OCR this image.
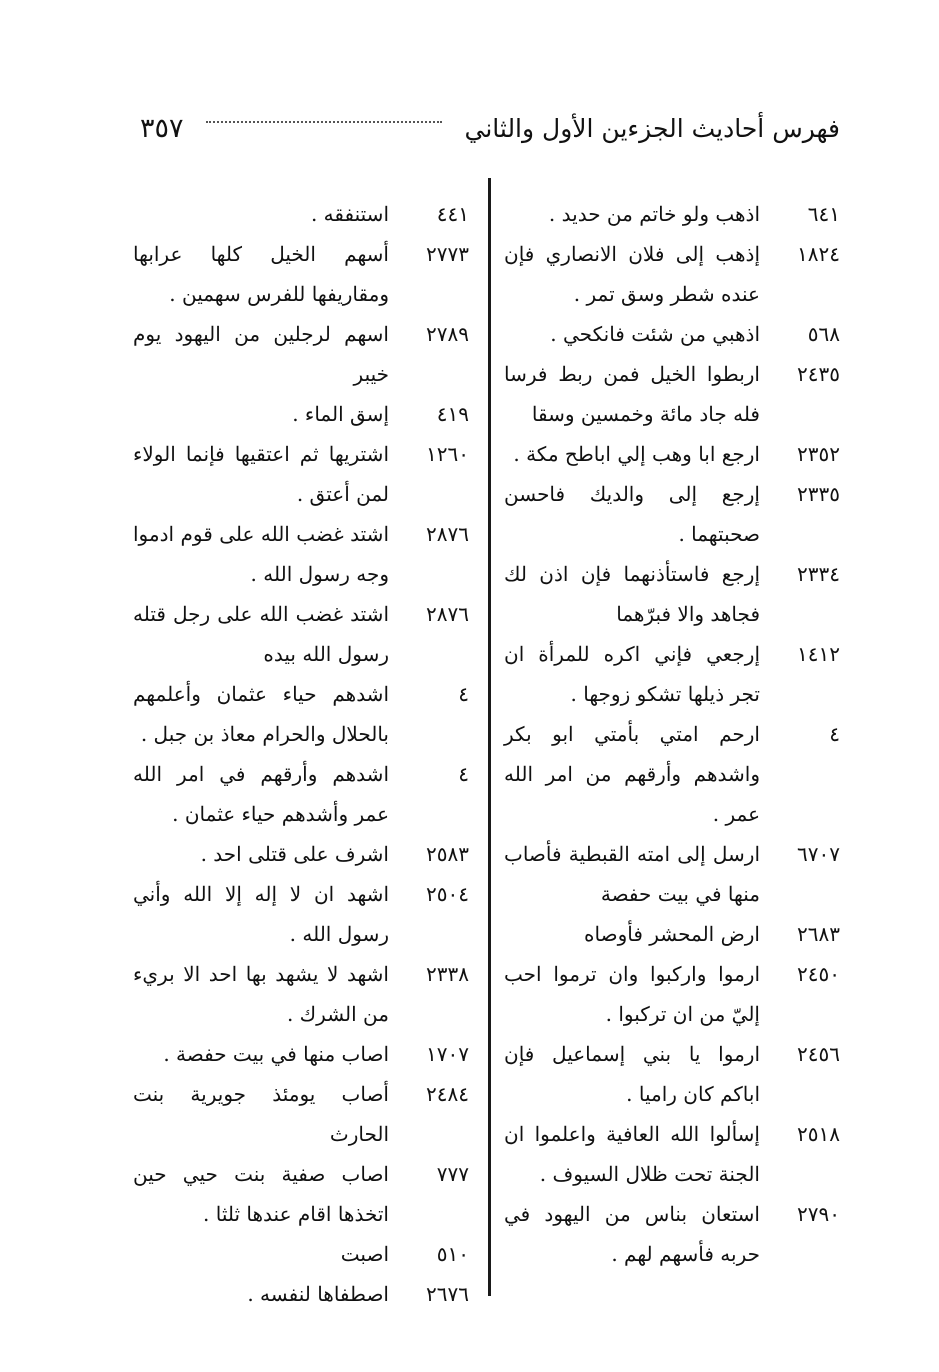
فهرس أحاديث الجزءين الأول والثاني
٣٥٧
٦٤١
اذهب ولو خاتم من حديد .
١٨٢٤
إذهب إلى فلان الانصاري فإن عنده شطر وسق تمر .
٥٦٨
اذهبي من شئت فانكحي .
٢٤٣٥
اربطوا الخيل فمن ربط فرسا فله جاد مائة وخمسين وسقا
٢٣٥٢
ارجع ابا وهب إلي اباطح مكة .
٢٣٣٥
إرجع إلى والديك فاحسن صحبتهما .
٢٣٣٤
إرجع فاستأذنهما فإن اذن لك فجاهد والا فبرّهما
١٤١٢
إرجعي فإني اكره للمرأة ان تجر ذيلها تشكو زوجها .
٤
ارحم امتي بأمتي ابو بكر واشدهم وأرقهم من امر الله عمر .
٦٧٠٧
ارسل إلى امته القبطية فأصاب منها في بيت حفصة
٢٦٨٣
ارض المحشر فأوصاه
٢٤٥٠
ارموا واركبوا وان ترموا احب إليّ من ان تركبوا .
٢٤٥٦
ارموا يا بني إسماعيل فإن اباكم كان راميا .
٢٥١٨
إسألوا الله العافية واعلموا ان الجنة تحت ظلال السيوف .
٢٧٩٠
استعان بناس من اليهود في حربه فأسهم لهم .
٤٤١
استنفقه .
٢٧٧٣
أسهم الخيل كلها عرابها ومقاريفها للفرس سهمين .
٢٧٨٩
اسهم لرجلين من اليهود يوم خيبر
٤١٩
إسق الماء .
١٢٦٠
اشتريها ثم اعتقيها فإنما الولاء لمن أعتق .
٢٨٧٦
اشتد غضب الله على قوم ادموا وجه رسول الله .
٢٨٧٦
اشتد غضب الله على رجل قتله رسول الله بيده
٤
اشدهم حياء عثمان وأعلمهم بالحلال والحرام معاذ بن جبل .
٤
اشدهم وأرقهم في امر الله عمر وأشدهم حياء عثمان .
٢٥٨٣
اشرف على قتلى احد .
٢٥٠٤
اشهد ان لا إله إلا الله وأني رسول الله .
٢٣٣٨
اشهد لا يشهد بها احد الا بريء من الشرك .
١٧٠٧
اصاب منها في بيت حفصة .
٢٤٨٤
أصاب يومئذ جويرية بنت الحارث
٧٧٧
اصاب صفية بنت حيي حين اتخذها اقام عندها ثلثا .
٥١٠
اصبت
٢٦٧٦
اصطفاها لنفسه .
